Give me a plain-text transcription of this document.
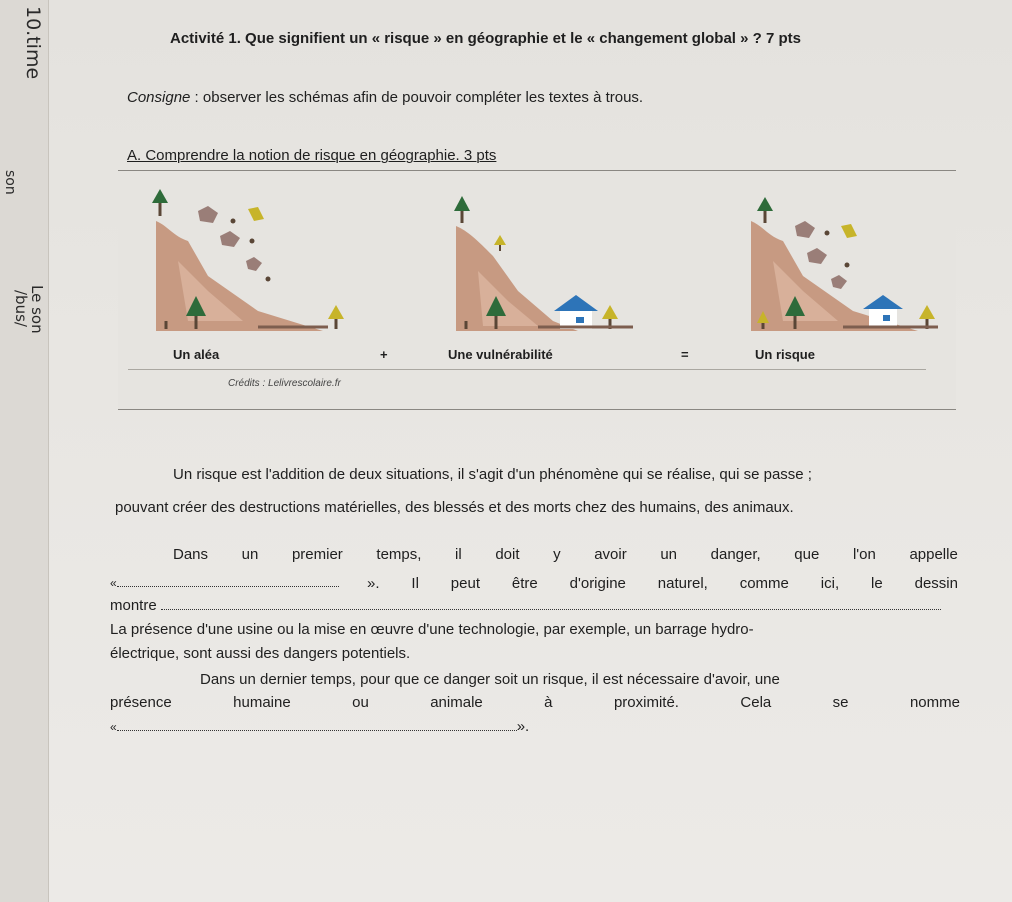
10.time
son
Le son
/bus/
Activité 1. Que signifient un « risque » en géographie et le « changement global » ? 7 pts
Consigne : observer les schémas afin de pouvoir compléter les textes à trous.
A. Comprendre la notion de risque en géographie. 3 pts
Un aléa	+	Une vulnérabilité	=	Un risque
Crédits : Lelivrescolaire.fr
Un risque est l'addition de deux situations, il s'agit d'un phénomène qui se réalise, qui se passe ;
pouvant créer des destructions matérielles, des blessés et des morts chez des humains, des animaux.
Dans un premier temps, il doit y avoir un danger, que l'on appelle
«	». Il peut être d'origine naturel, comme ici, le dessin
montre
La présence d'une usine ou la mise en œuvre d'une technologie, par exemple, un barrage hydro-
électrique, sont aussi des dangers potentiels.
Dans un dernier temps, pour que ce danger soit un risque, il est nécessaire d'avoir, une
présence	humaine	ou	animale	à	proximité.	Cela	se	nomme
«	».
